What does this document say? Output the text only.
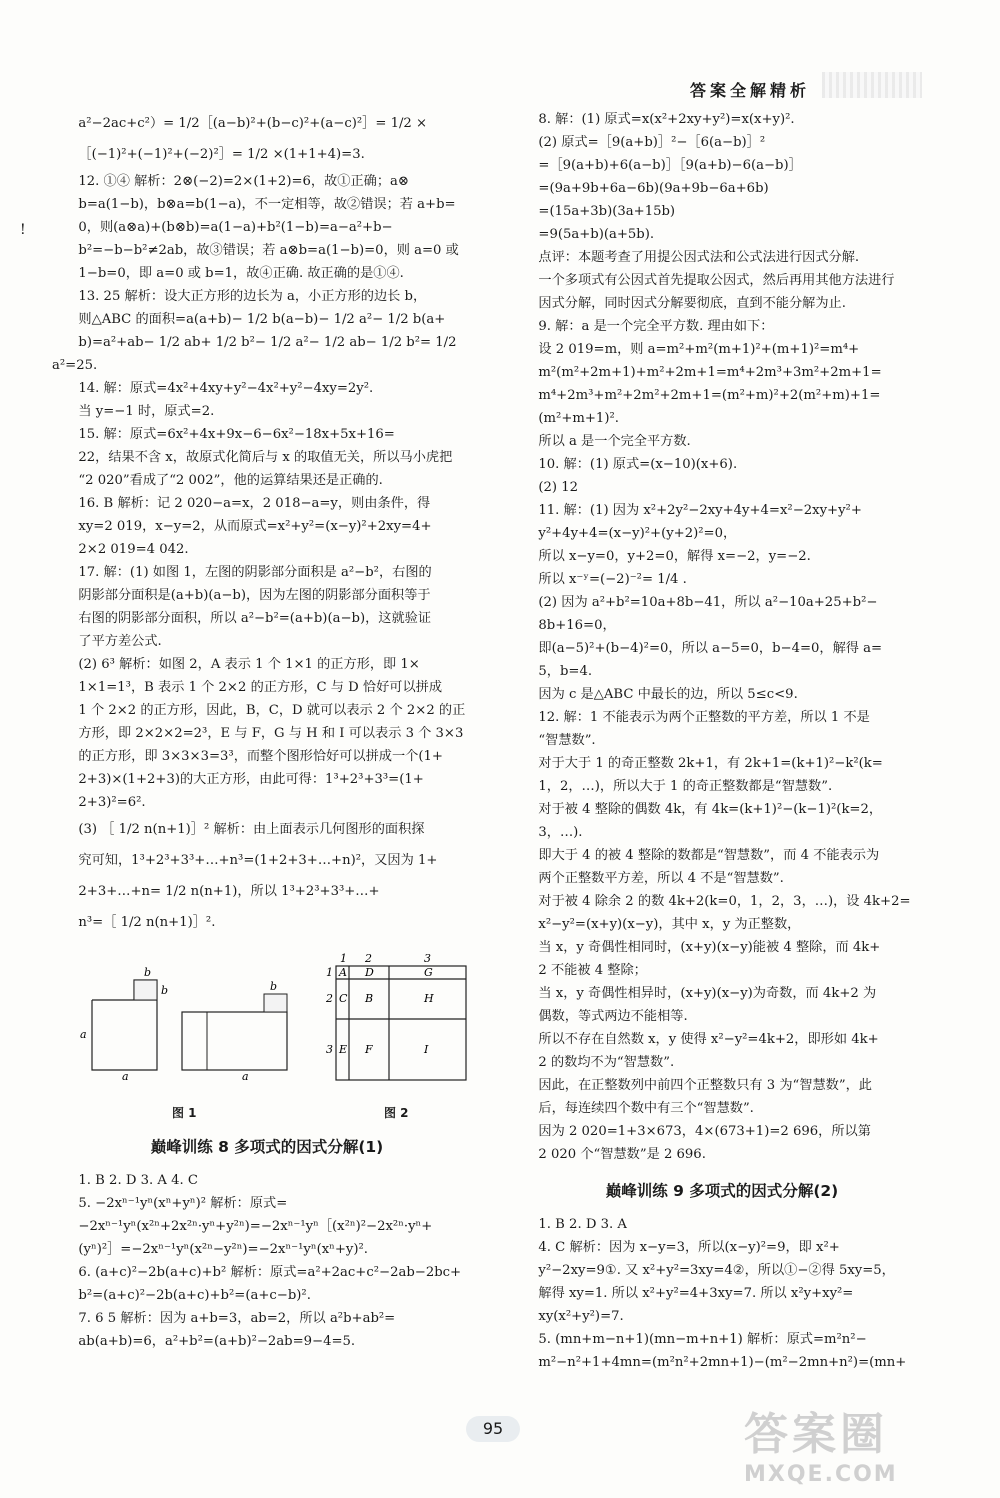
答案全解精析
!

a²−2ac+c²）= 1/2［(a−b)²+(b−c)²+(a−c)²］= 1/2 ×

［(−1)²+(−1)²+(−2)²］= 1/2 ×(1+1+4)=3.

12. ①④ 解析：2⊗(−2)=2×(1+2)=6，故①正确；a⊗

b=a(1−b)，b⊗a=b(1−a)，不一定相等，故②错误；若 a+b=

0，则(a⊗a)+(b⊗b)=a(1−a)+b²(1−b)=a−a²+b−

b²=−b−b²≠2ab，故③错误；若 a⊗b=a(1−b)=0，则 a=0 或

1−b=0，即 a=0 或 b=1，故④正确. 故正确的是①④.

13. 25 解析：设大正方形的边长为 a，小正方形的边长 b，

则△ABC 的面积=a(a+b)− 1/2 b(a−b)− 1/2 a²− 1/2 b(a+

b)=a²+ab− 1/2 ab+ 1/2 b²− 1/2 a²− 1/2 ab− 1/2 b²= 1/2 a²=25.

14. 解：原式=4x²+4xy+y²−4x²+y²−4xy=2y².

当 y=−1 时，原式=2.

15. 解：原式=6x²+4x+9x−6−6x²−18x+5x+16=

22，结果不含 x，故原式化简后与 x 的取值无关，所以马小虎把

“2 020”看成了“2 002”，他的运算结果还是正确的.

16. B 解析：记 2 020−a=x，2 018−a=y，则由条件，得

xy=2 019，x−y=2，从而原式=x²+y²=(x−y)²+2xy=4+

2×2 019=4 042.

17. 解：(1) 如图 1，左图的阴影部分面积是 a²−b²，右图的

阴影部分面积是(a+b)(a−b)，因为左图的阴影部分面积等于

右图的阴影部分面积，所以 a²−b²=(a+b)(a−b)，这就验证

了平方差公式.

(2) 6³ 解析：如图 2，A 表示 1 个 1×1 的正方形，即 1×

1×1=1³，B 表示 1 个 2×2 的正方形，C 与 D 恰好可以拼成

1 个 2×2 的正方形，因此，B，C，D 就可以表示 2 个 2×2 的正

方形，即 2×2×2=2³，E 与 F，G 与 H 和 I 可以表示 3 个 3×3

的正方形，即 3×3×3=3³，而整个图形恰好可以拼成一个(1+

2+3)×(1+2+3)的大正方形，由此可得：1³+2³+3³=(1+

2+3)²=6².

(3) ［ 1/2 n(n+1)］² 解析：由上面表示几何图形的面积探

究可知，1³+2³+3³+…+n³=(1+2+3+…+n)²，又因为 1+

2+3+…+n= 1/2 n(n+1)，所以 1³+2³+3³+…+

n³=［ 1/2 n(n+1)］².

a
a
b
b	b
a
1 2	3
1
2
3
A D	G
C B	H
E F	I
图 1	图 2
巅峰训练 8 多项式的因式分解(1)

1. B 2. D 3. A 4. C

5. −2xⁿ⁻¹yⁿ(xⁿ+yⁿ)² 解析：原式=

−2xⁿ⁻¹yⁿ(x²ⁿ+2x²ⁿ·yⁿ+y²ⁿ)=−2xⁿ⁻¹yⁿ［(x²ⁿ)²−2x²ⁿ·yⁿ+

(yⁿ)²］=−2xⁿ⁻¹yⁿ(x²ⁿ−y²ⁿ)=−2xⁿ⁻¹yⁿ(xⁿ+y)².

6. (a+c)²−2b(a+c)+b² 解析：原式=a²+2ac+c²−2ab−2bc+

b²=(a+c)²−2b(a+c)+b²=(a+c−b)².

7. 6 5 解析：因为 a+b=3，ab=2，所以 a²b+ab²=

ab(a+b)=6，a²+b²=(a+b)²−2ab=9−4=5.

8. 解：(1) 原式=x(x²+2xy+y²)=x(x+y)².

(2) 原式=［9(a+b)］²−［6(a−b)］²

=［9(a+b)+6(a−b)］［9(a+b)−6(a−b)］

=(9a+9b+6a−6b)(9a+9b−6a+6b)

=(15a+3b)(3a+15b)

=9(5a+b)(a+5b).

点评：本题考查了用提公因式法和公式法进行因式分解.

一个多项式有公因式首先提取公因式，然后再用其他方法进行

因式分解，同时因式分解要彻底，直到不能分解为止.

9. 解：a 是一个完全平方数. 理由如下：

设 2 019=m，则 a=m²+m²(m+1)²+(m+1)²=m⁴+

m²(m²+2m+1)+m²+2m+1=m⁴+2m³+3m²+2m+1=

m⁴+2m³+m²+2m²+2m+1=(m²+m)²+2(m²+m)+1=

(m²+m+1)².

所以 a 是一个完全平方数.

10. 解：(1) 原式=(x−10)(x+6).

(2) 12

11. 解：(1) 因为 x²+2y²−2xy+4y+4=x²−2xy+y²+

y²+4y+4=(x−y)²+(y+2)²=0，

所以 x−y=0，y+2=0，解得 x=−2，y=−2.

所以 x⁻ʸ=(−2)⁻²= 1/4 .

(2) 因为 a²+b²=10a+8b−41，所以 a²−10a+25+b²−

8b+16=0，

即(a−5)²+(b−4)²=0，所以 a−5=0，b−4=0，解得 a=

5，b=4.

因为 c 是△ABC 中最长的边，所以 5≤c<9.

12. 解：1 不能表示为两个正整数的平方差，所以 1 不是

“智慧数”.

对于大于 1 的奇正整数 2k+1，有 2k+1=(k+1)²−k²(k=

1，2，…)，所以大于 1 的奇正整数都是“智慧数”.

对于被 4 整除的偶数 4k，有 4k=(k+1)²−(k−1)²(k=2，

3，…).

即大于 4 的被 4 整除的数都是“智慧数”，而 4 不能表示为

两个正整数平方差，所以 4 不是“智慧数”.

对于被 4 除余 2 的数 4k+2(k=0，1，2，3，…)，设 4k+2=

x²−y²=(x+y)(x−y)，其中 x，y 为正整数，

当 x，y 奇偶性相同时，(x+y)(x−y)能被 4 整除，而 4k+

2 不能被 4 整除；

当 x，y 奇偶性相异时，(x+y)(x−y)为奇数，而 4k+2 为

偶数，等式两边不能相等.

所以不存在自然数 x，y 使得 x²−y²=4k+2，即形如 4k+

2 的数均不为“智慧数”.

因此，在正整数列中前四个正整数只有 3 为“智慧数”，此

后，每连续四个数中有三个“智慧数”.

因为 2 020=1+3×673，4×(673+1)=2 696，所以第

2 020 个“智慧数”是 2 696.

巅峰训练 9 多项式的因式分解(2)

1. B 2. D 3. A

4. C 解析：因为 x−y=3，所以(x−y)²=9，即 x²+

y²−2xy=9①. 又 x²+y²=3xy=4②，所以①−②得 5xy=5，

解得 xy=1. 所以 x²+y²=4+3xy=7. 所以 x²y+xy²=

xy(x²+y²)=7.

5. (mn+m−n+1)(mn−m+n+1) 解析：原式=m²n²−

m²−n²+1+4mn=(m²n²+2mn+1)−(m²−2mn+n²)=(mn+

95	答案圈
MXQE.COM
